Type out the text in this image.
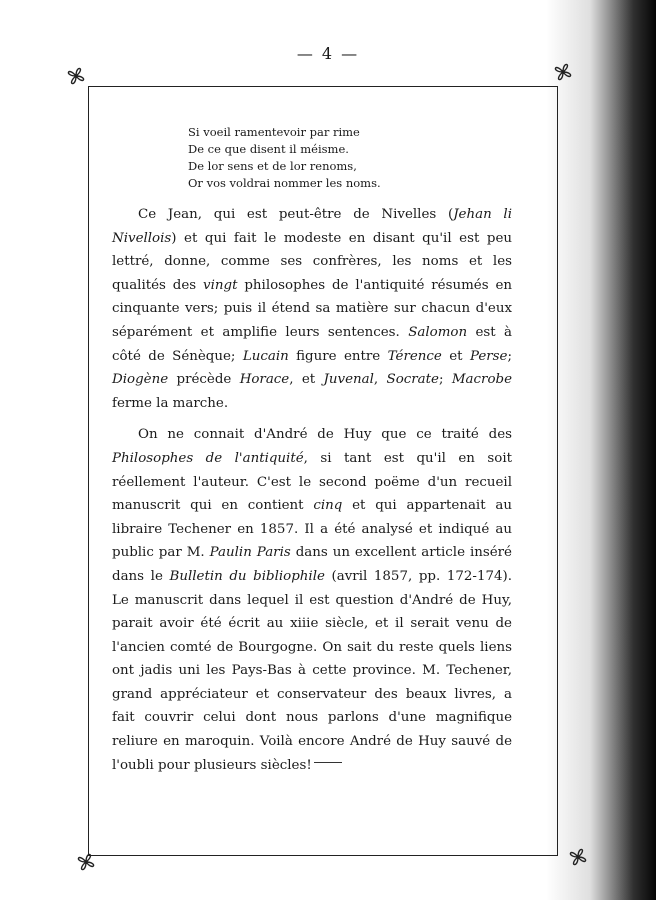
— 4 —
Si voeil ramentevoir par rime
De ce que disent il méisme.
De lor sens et de lor renoms,
Or vos voldrai nommer les noms.

Ce Jean, qui est peut-être de Nivelles (Jehan li Nivellois) et qui fait le modeste en disant qu'il est peu lettré, donne, comme ses confrères, les noms et les qualités des vingt philosophes de l'antiquité résumés en cinquante vers; puis il étend sa matière sur chacun d'eux séparément et amplifie leurs sentences. Salomon est à côté de Sénèque; Lucain figure entre Térence et Perse; Diogène précède Horace, et Juvenal, Socrate; Macrobe ferme la marche.

On ne connait d'André de Huy que ce traité des Philosophes de l'antiquité, si tant est qu'il en soit réellement l'auteur. C'est le second poëme d'un recueil manuscrit qui en contient cinq et qui appartenait au libraire Techener en 1857. Il a été analysé et indiqué au public par M. Paulin Paris dans un excellent article inséré dans le Bulletin du bibliophile (avril 1857, pp. 172-174). Le manuscrit dans lequel il est question d'André de Huy, parait avoir été écrit au xiiie siècle, et il serait venu de l'ancien comté de Bourgogne. On sait du reste quels liens ont jadis uni les Pays-Bas à cette province. M. Techener, grand appréciateur et conservateur des beaux livres, a fait couvrir celui dont nous parlons d'une magnifique reliure en maroquin. Voilà encore André de Huy sauvé de l'oubli pour plusieurs siècles!
